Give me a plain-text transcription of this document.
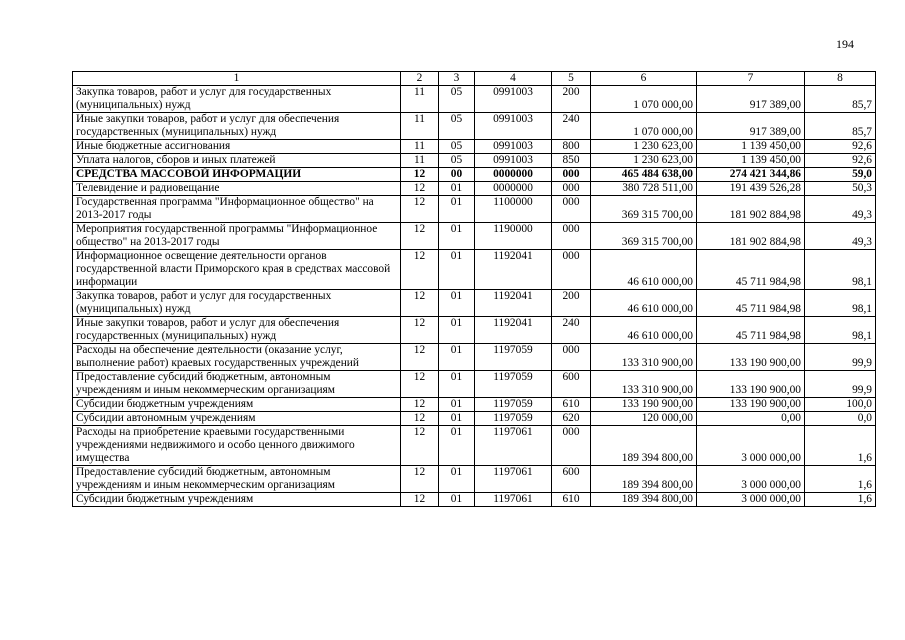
194
1	2	3	4	5	6	7	8
Закупка товаров, работ и услуг для государственных (муниципальных) нужд	11	05	0991003	200	1 070 000,00	917 389,00	85,7
Иные закупки товаров, работ и услуг для обеспечения государственных (муниципальных) нужд	11	05	0991003	240	1 070 000,00	917 389,00	85,7
Иные бюджетные ассигнования	11	05	0991003	800	1 230 623,00	1 139 450,00	92,6
Уплата налогов, сборов и иных платежей	11	05	0991003	850	1 230 623,00	1 139 450,00	92,6
СРЕДСТВА МАССОВОЙ ИНФОРМАЦИИ	12	00	0000000	000	465 484 638,00	274 421 344,86	59,0
Телевидение и радиовещание	12	01	0000000	000	380 728 511,00	191 439 526,28	50,3
Государственная программа "Информационное общество" на 2013-2017 годы	12	01	1100000	000	369 315 700,00	181 902 884,98	49,3
Мероприятия государственной программы "Информационное общество" на 2013-2017 годы	12	01	1190000	000	369 315 700,00	181 902 884,98	49,3
Информационное освещение деятельности органов государственной власти Приморского края в средствах массовой информации	12	01	1192041	000	46 610 000,00	45 711 984,98	98,1
Закупка товаров, работ и услуг для государственных (муниципальных) нужд	12	01	1192041	200	46 610 000,00	45 711 984,98	98,1
Иные закупки товаров, работ и услуг для обеспечения государственных (муниципальных) нужд	12	01	1192041	240	46 610 000,00	45 711 984,98	98,1
Расходы на обеспечение деятельности (оказание услуг, выполнение работ) краевых государственных учреждений	12	01	1197059	000	133 310 900,00	133 190 900,00	99,9
Предоставление субсидий бюджетным, автономным учреждениям и иным некоммерческим организациям	12	01	1197059	600	133 310 900,00	133 190 900,00	99,9
Субсидии бюджетным учреждениям	12	01	1197059	610	133 190 900,00	133 190 900,00	100,0
Субсидии автономным учреждениям	12	01	1197059	620	120 000,00	0,00	0,0
Расходы на приобретение краевыми государственными учреждениями недвижимого и особо ценного движимого имущества	12	01	1197061	000	189 394 800,00	3 000 000,00	1,6
Предоставление субсидий бюджетным, автономным учреждениям и иным некоммерческим организациям	12	01	1197061	600	189 394 800,00	3 000 000,00	1,6
Субсидии бюджетным учреждениям	12	01	1197061	610	189 394 800,00	3 000 000,00	1,6
